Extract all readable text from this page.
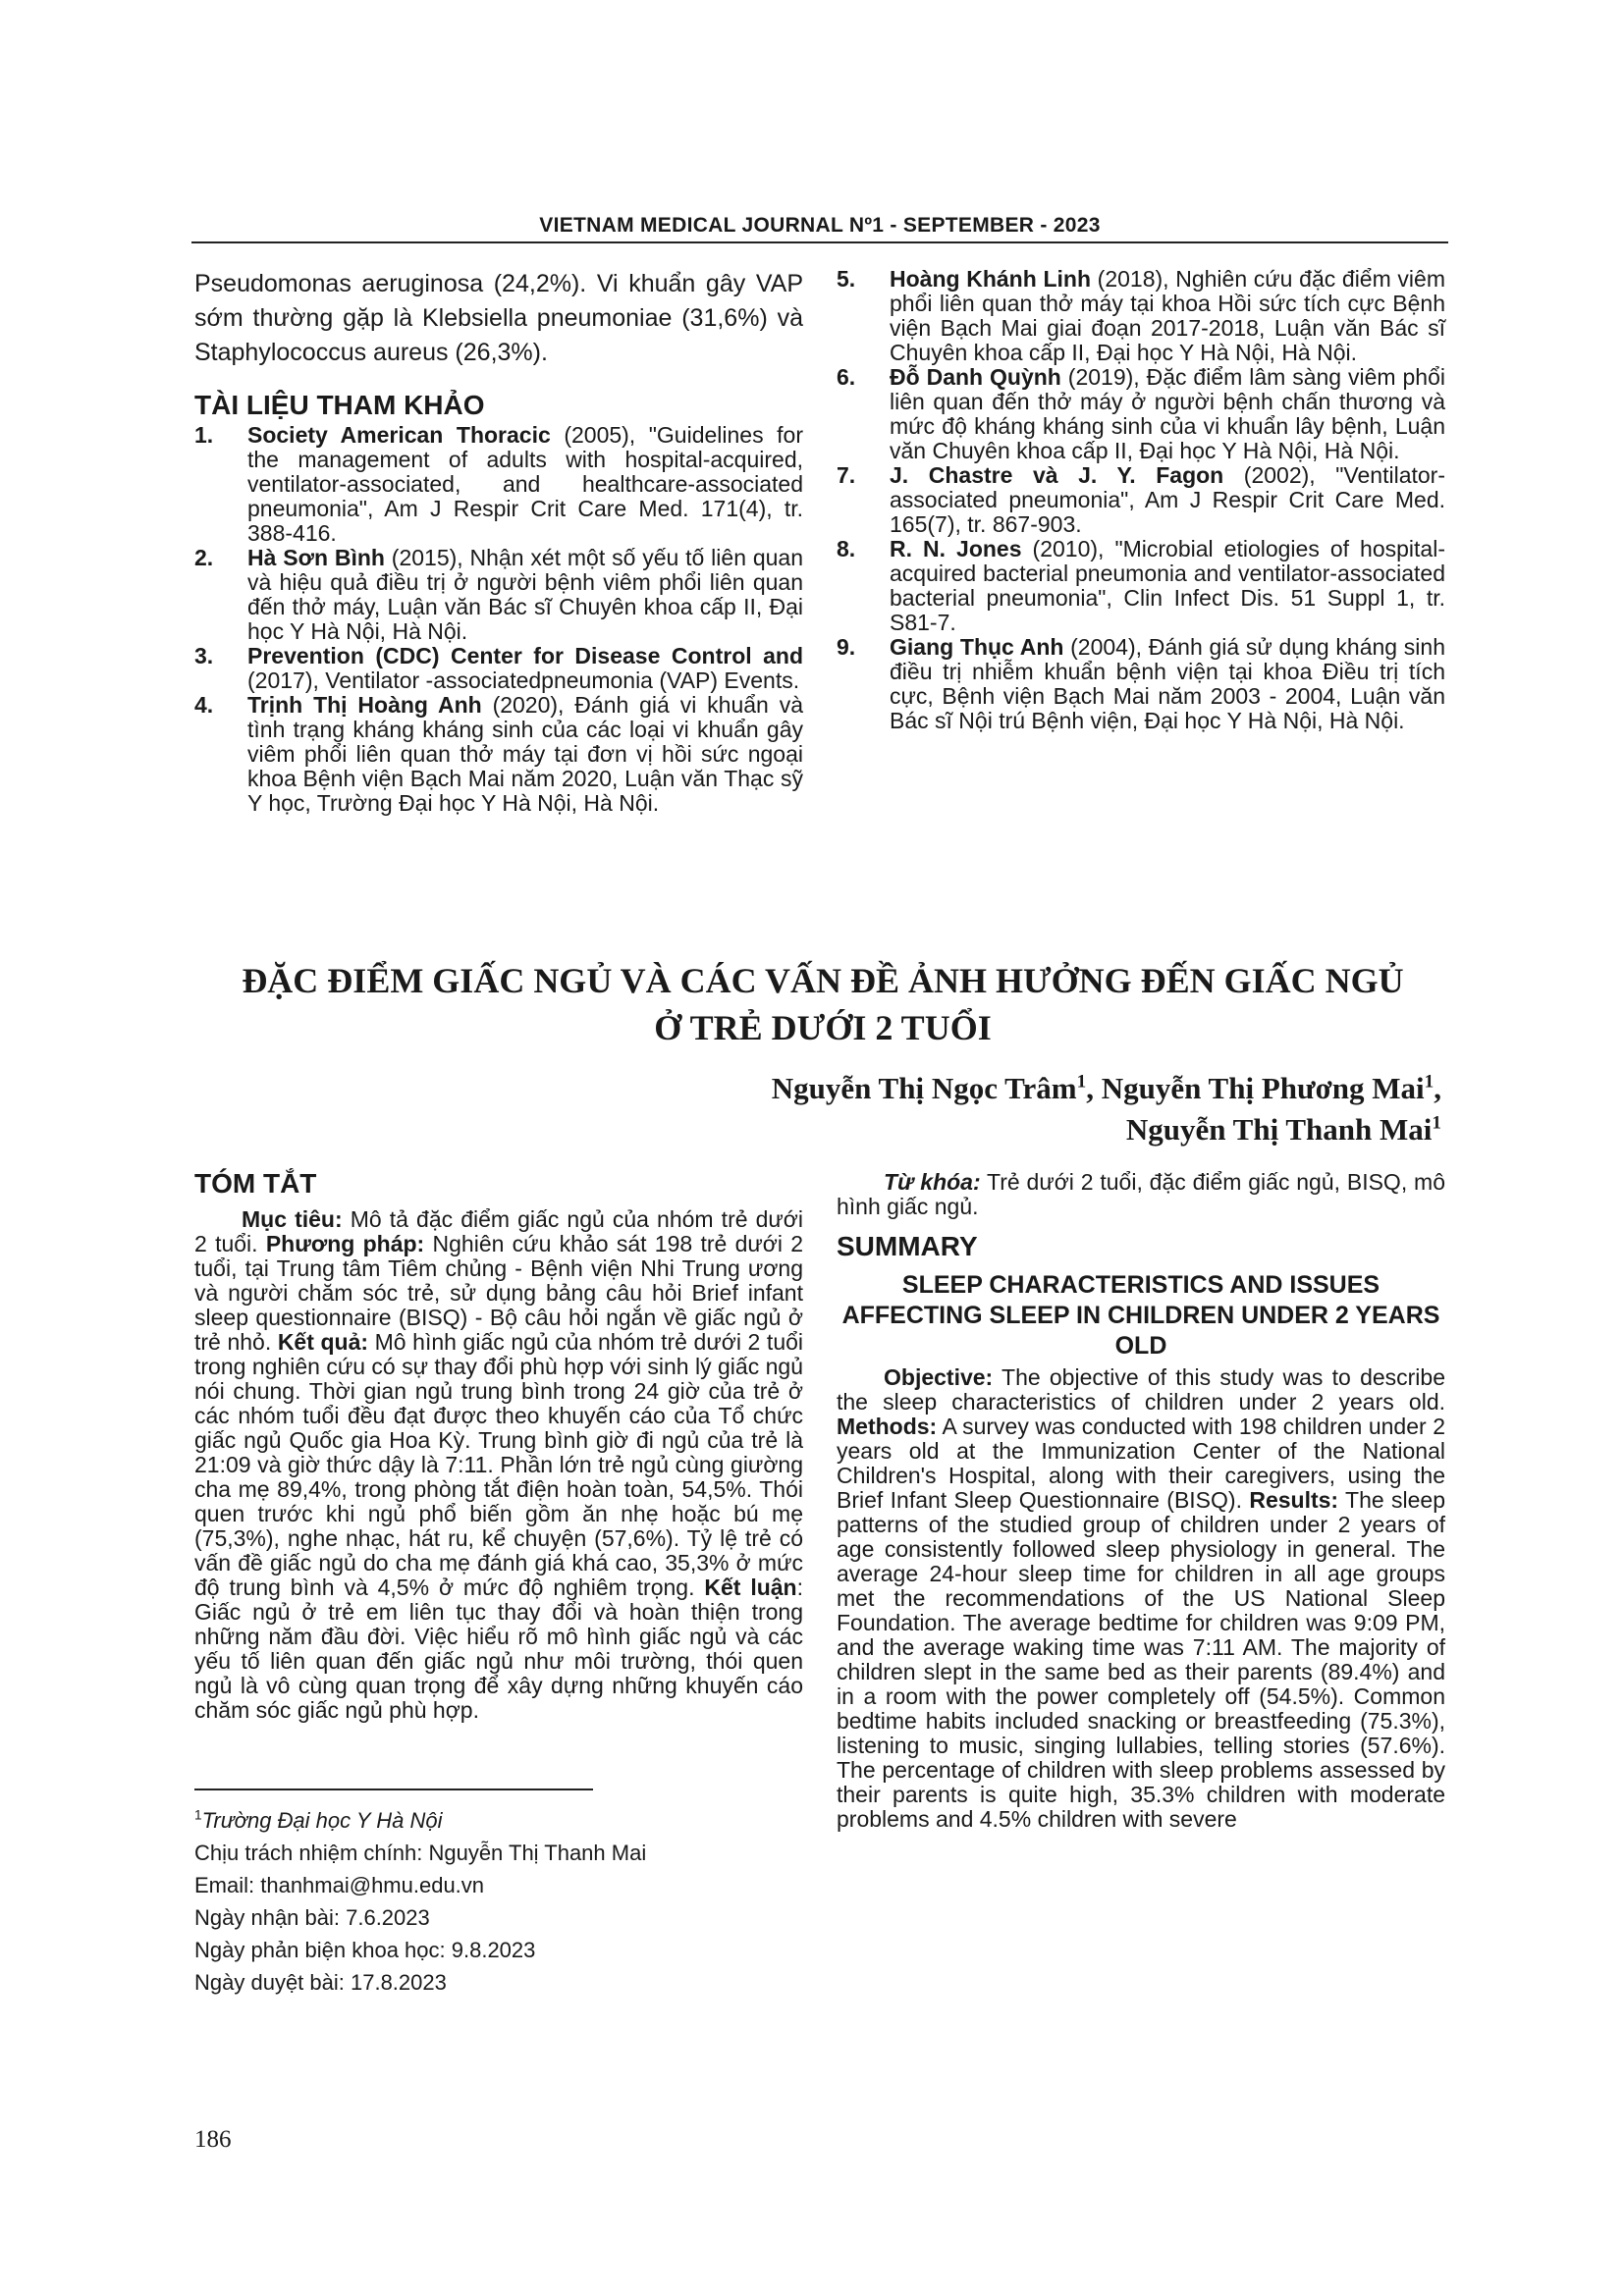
VIETNAM MEDICAL JOURNAL Nº1 - SEPTEMBER - 2023

Pseudomonas aeruginosa (24,2%). Vi khuẩn gây VAP sớm thường gặp là Klebsiella pneumoniae (31,6%) và Staphylococcus aureus (26,3%).

TÀI LIỆU THAM KHẢO

1. Society American Thoracic (2005), "Guidelines for the management of adults with hospital-acquired, ventilator-associated, and healthcare-associated pneumonia", Am J Respir Crit Care Med. 171(4), tr. 388-416.
2. Hà Sơn Bình (2015), Nhận xét một số yếu tố liên quan và hiệu quả điều trị ở người bệnh viêm phổi liên quan đến thở máy, Luận văn Bác sĩ Chuyên khoa cấp II, Đại học Y Hà Nội, Hà Nội.
3. Prevention (CDC) Center for Disease Control and (2017), Ventilator -associatedpneumonia (VAP) Events.
4. Trịnh Thị Hoàng Anh (2020), Đánh giá vi khuẩn và tình trạng kháng kháng sinh của các loại vi khuẩn gây viêm phổi liên quan thở máy tại đơn vị hồi sức ngoại khoa Bệnh viện Bạch Mai năm 2020, Luận văn Thạc sỹ Y học, Trường Đại học Y Hà Nội, Hà Nội.
5. Hoàng Khánh Linh (2018), Nghiên cứu đặc điểm viêm phổi liên quan thở máy tại khoa Hồi sức tích cực Bệnh viện Bạch Mai giai đoạn 2017-2018, Luận văn Bác sĩ Chuyên khoa cấp II, Đại học Y Hà Nội, Hà Nội.
6. Đỗ Danh Quỳnh (2019), Đặc điểm lâm sàng viêm phổi liên quan đến thở máy ở người bệnh chấn thương và mức độ kháng kháng sinh của vi khuẩn lây bệnh, Luận văn Chuyên khoa cấp II, Đại học Y Hà Nội, Hà Nội.
7. J. Chastre và J. Y. Fagon (2002), "Ventilator-associated pneumonia", Am J Respir Crit Care Med. 165(7), tr. 867-903.
8. R. N. Jones (2010), "Microbial etiologies of hospital-acquired bacterial pneumonia and ventilator-associated bacterial pneumonia", Clin Infect Dis. 51 Suppl 1, tr. S81-7.
9. Giang Thục Anh (2004), Đánh giá sử dụng kháng sinh điều trị nhiễm khuẩn bệnh viện tại khoa Điều trị tích cực, Bệnh viện Bạch Mai năm 2003 - 2004, Luận văn Bác sĩ Nội trú Bệnh viện, Đại học Y Hà Nội, Hà Nội.
ĐẶC ĐIỂM GIẤC NGỦ VÀ CÁC VẤN ĐỀ ẢNH HƯỞNG ĐẾN GIẤC NGỦ
Ở TRẺ DƯỚI 2 TUỔI
Nguyễn Thị Ngọc Trâm$^1$, Nguyễn Thị Phương Mai$^1$,
Nguyễn Thị Thanh Mai$^1$

TÓM TẮT

Mục tiêu: Mô tả đặc điểm giấc ngủ của nhóm trẻ dưới 2 tuổi. Phương pháp: Nghiên cứu khảo sát 198 trẻ dưới 2 tuổi, tại Trung tâm Tiêm chủng - Bệnh viện Nhi Trung ương và người chăm sóc trẻ, sử dụng bảng câu hỏi Brief infant sleep questionnaire (BISQ) - Bộ câu hỏi ngắn về giấc ngủ ở trẻ nhỏ. Kết quả: Mô hình giấc ngủ của nhóm trẻ dưới 2 tuổi trong nghiên cứu có sự thay đổi phù hợp với sinh lý giấc ngủ nói chung. Thời gian ngủ trung bình trong 24 giờ của trẻ ở các nhóm tuổi đều đạt được theo khuyến cáo của Tổ chức giấc ngủ Quốc gia Hoa Kỳ. Trung bình giờ đi ngủ của trẻ là 21:09 và giờ thức dậy là 7:11. Phần lớn trẻ ngủ cùng giường cha mẹ 89,4%, trong phòng tắt điện hoàn toàn, 54,5%. Thói quen trước khi ngủ phổ biến gồm ăn nhẹ hoặc bú mẹ (75,3%), nghe nhạc, hát ru, kể chuyện (57,6%). Tỷ lệ trẻ có vấn đề giấc ngủ do cha mẹ đánh giá khá cao, 35,3% ở mức độ trung bình và 4,5% ở mức độ nghiêm trọng. Kết luận: Giấc ngủ ở trẻ em liên tục thay đổi và hoàn thiện trong những năm đầu đời. Việc hiểu rõ mô hình giấc ngủ và các yếu tố liên quan đến giấc ngủ như môi trường, thói quen ngủ là vô cùng quan trọng để xây dựng những khuyến cáo chăm sóc giấc ngủ phù hợp.

Từ khóa: Trẻ dưới 2 tuổi, đặc điểm giấc ngủ, BISQ, mô hình giấc ngủ.

SUMMARY

SLEEP CHARACTERISTICS AND ISSUES AFFECTING SLEEP IN CHILDREN UNDER 2 YEARS OLD

Objective: The objective of this study was to describe the sleep characteristics of children under 2 years old. Methods: A survey was conducted with 198 children under 2 years old at the Immunization Center of the National Children's Hospital, along with their caregivers, using the Brief Infant Sleep Questionnaire (BISQ). Results: The sleep patterns of the studied group of children under 2 years of age consistently followed sleep physiology in general. The average 24-hour sleep time for children in all age groups met the recommendations of the US National Sleep Foundation. The average bedtime for children was 9:09 PM, and the average waking time was 7:11 AM. The majority of children slept in the same bed as their parents (89.4%) and in a room with the power completely off (54.5%). Common bedtime habits included snacking or breastfeeding (75.3%), listening to music, singing lullabies, telling stories (57.6%). The percentage of children with sleep problems assessed by their parents is quite high, 35.3% children with moderate problems and 4.5% children with severe

$^1$Trường Đại học Y Hà Nội
Chịu trách nhiệm chính: Nguyễn Thị Thanh Mai
Email: thanhmai@hmu.edu.vn
Ngày nhận bài: 7.6.2023
Ngày phản biện khoa học: 9.8.2023
Ngày duyệt bài: 17.8.2023
186
